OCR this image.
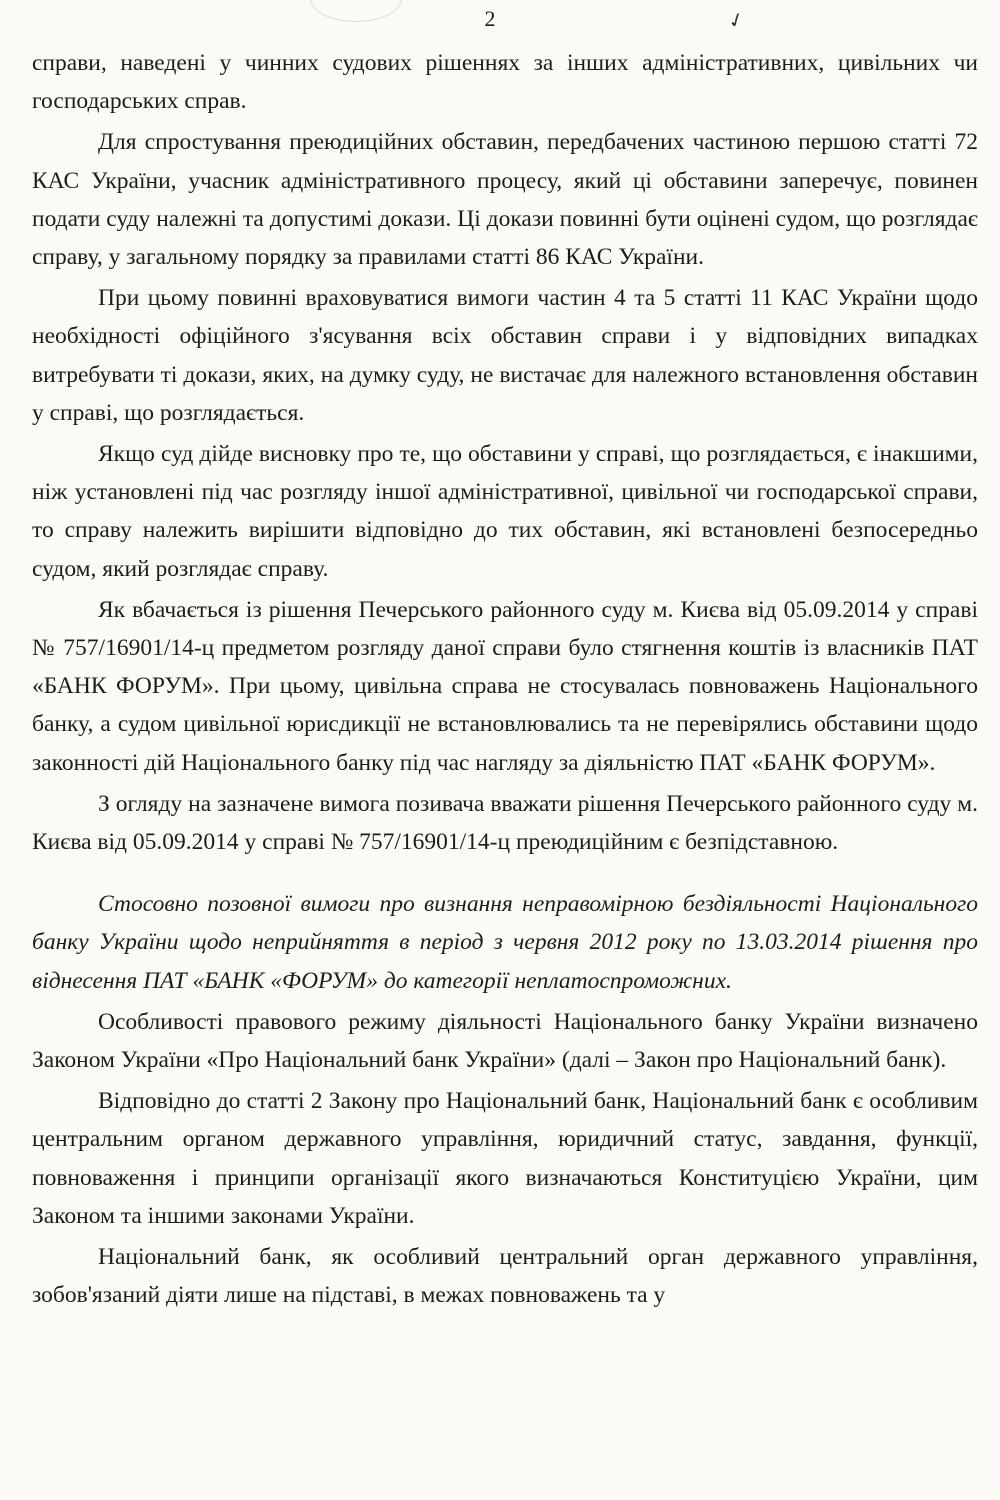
2	✓

справи, наведені у чинних судових рішеннях за інших адміністративних, цивільних чи господарських справ.

Для спростування преюдиційних обставин, передбачених частиною першою статті 72 КАС України, учасник адміністративного процесу, який ці обставини заперечує, повинен подати суду належні та допустимі докази. Ці докази повинні бути оцінені судом, що розглядає справу, у загальному порядку за правилами статті 86 КАС України.

При цьому повинні враховуватися вимоги частин 4 та 5 статті 11 КАС України щодо необхідності офіційного з'ясування всіх обставин справи і у відповідних випадках витребувати ті докази, яких, на думку суду, не вистачає для належного встановлення обставин у справі, що розглядається.

Якщо суд дійде висновку про те, що обставини у справі, що розглядається, є інакшими, ніж установлені під час розгляду іншої адміністративної, цивільної чи господарської справи, то справу належить вирішити відповідно до тих обставин, які встановлені безпосередньо судом, який розглядає справу.

Як вбачається із рішення Печерського районного суду м. Києва від 05.09.2014 у справі № 757/16901/14-ц предметом розгляду даної справи було стягнення коштів із власників ПАТ «БАНК ФОРУМ». При цьому, цивільна справа не стосувалась повноважень Національного банку, а судом цивільної юрисдикції не встановлювались та не перевірялись обставини щодо законності дій Національного банку під час нагляду за діяльністю ПАТ «БАНК ФОРУМ».

З огляду на зазначене вимога позивача вважати рішення Печерського районного суду м. Києва від 05.09.2014 у справі № 757/16901/14-ц преюдиційним є безпідставною.

Стосовно позовної вимоги про визнання неправомірною бездіяльності Національного банку України щодо неприйняття в період з червня 2012 року по 13.03.2014 рішення про віднесення ПАТ «БАНК «ФОРУМ» до категорії неплатоспроможних.

Особливості правового режиму діяльності Національного банку України визначено Законом України «Про Національний банк України» (далі – Закон про Національний банк).

Відповідно до статті 2 Закону про Національний банк, Національний банк є особливим центральним органом державного управління, юридичний статус, завдання, функції, повноваження і принципи організації якого визначаються Конституцією України, цим Законом та іншими законами України.

Національний банк, як особливий центральний орган державного управління, зобов'язаний діяти лише на підставі, в межах повноважень та у
